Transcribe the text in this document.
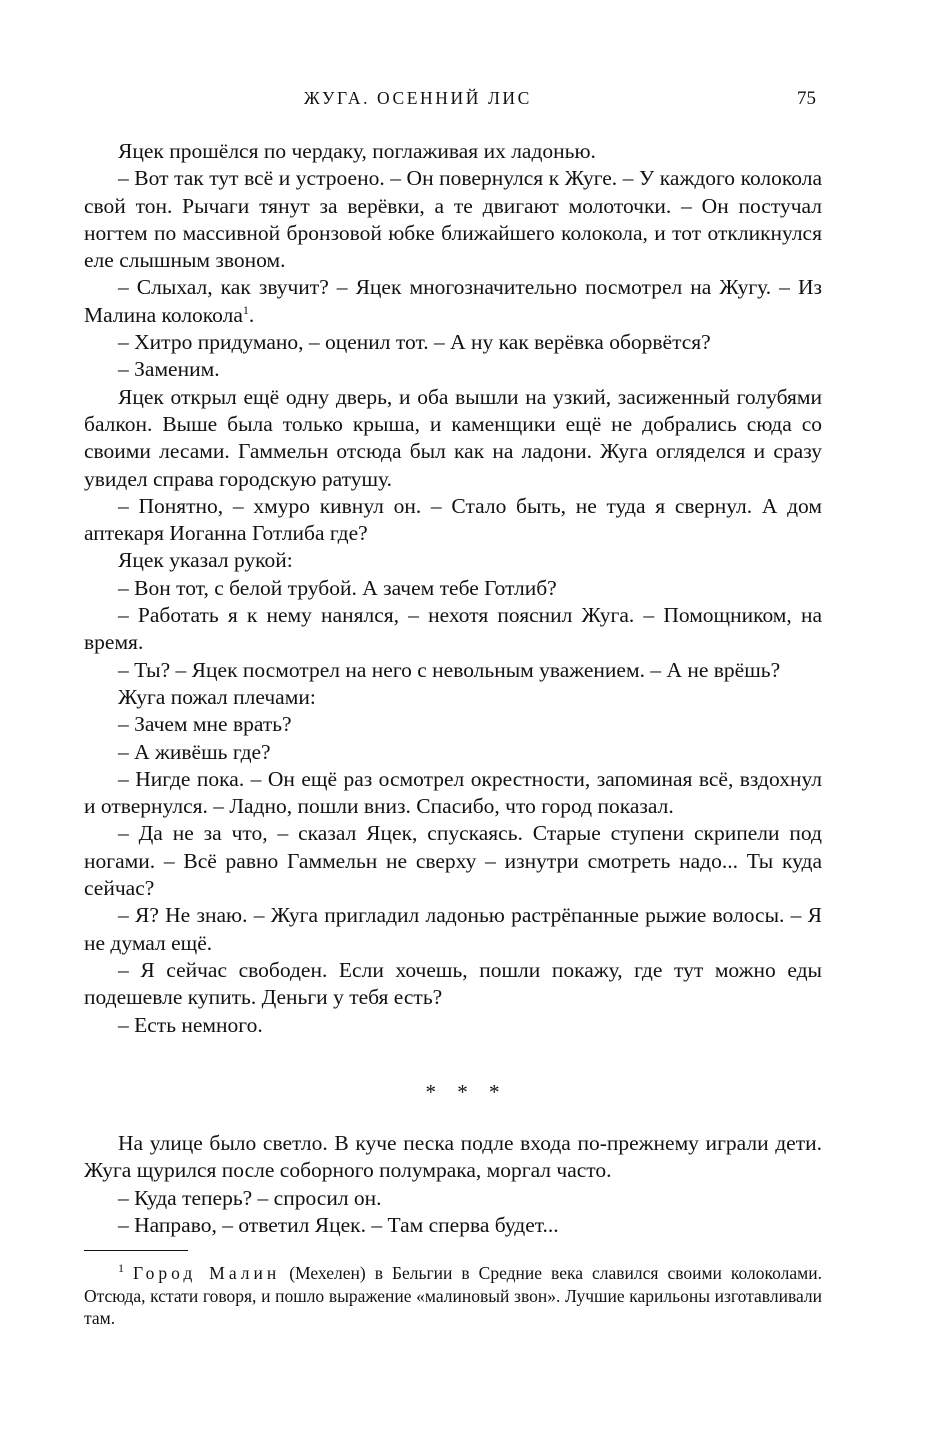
ЖУГА. ОСЕННИЙ ЛИС	75

Яцек прошёлся по чердаку, поглаживая их ладонью.

– Вот так тут всё и устроено. – Он повернулся к Жуге. – У каждого колокола свой тон. Рычаги тянут за верёвки, а те двигают молоточки. – Он постучал ногтем по массивной бронзовой юбке ближайшего колокола, и тот откликнулся еле слышным звоном.

– Слыхал, как звучит? – Яцек многозначительно посмотрел на Жугу. – Из Малина колокола$^1$.

– Хитро придумано, – оценил тот. – А ну как верёвка оборвётся?

– Заменим.

Яцек открыл ещё одну дверь, и оба вышли на узкий, засиженный голубями балкон. Выше была только крыша, и каменщики ещё не добрались сюда со своими лесами. Гаммельн отсюда был как на ладони. Жуга огляделся и сразу увидел справа городскую ратушу.

– Понятно, – хмуро кивнул он. – Стало быть, не туда я свернул. А дом аптекаря Иоганна Готлиба где?

Яцек указал рукой:

– Вон тот, с белой трубой. А зачем тебе Готлиб?

– Работать я к нему нанялся, – нехотя пояснил Жуга. – Помощником, на время.

– Ты? – Яцек посмотрел на него с невольным уважением. – А не врёшь?

Жуга пожал плечами:

– Зачем мне врать?

– А живёшь где?

– Нигде пока. – Он ещё раз осмотрел окрестности, запоминая всё, вздохнул и отвернулся. – Ладно, пошли вниз. Спасибо, что город показал.

– Да не за что, – сказал Яцек, спускаясь. Старые ступени скрипели под ногами. – Всё равно Гаммельн не сверху – изнутри смотреть надо... Ты куда сейчас?

– Я? Не знаю. – Жуга пригладил ладонью растрёпанные рыжие волосы. – Я не думал ещё.

– Я сейчас свободен. Если хочешь, пошли покажу, где тут можно еды подешевле купить. Деньги у тебя есть?

– Есть немного.

* * *

На улице было светло. В куче песка подле входа по-прежнему играли дети. Жуга щурился после соборного полумрака, моргал часто.

– Куда теперь? – спросил он.

– Направо, – ответил Яцек. – Там сперва будет...

$^1$ Город Малин (Мехелен) в Бельгии в Средние века славился своими колоколами. Отсюда, кстати говоря, и пошло выражение «малиновый звон». Лучшие карильоны изготавливали там.
